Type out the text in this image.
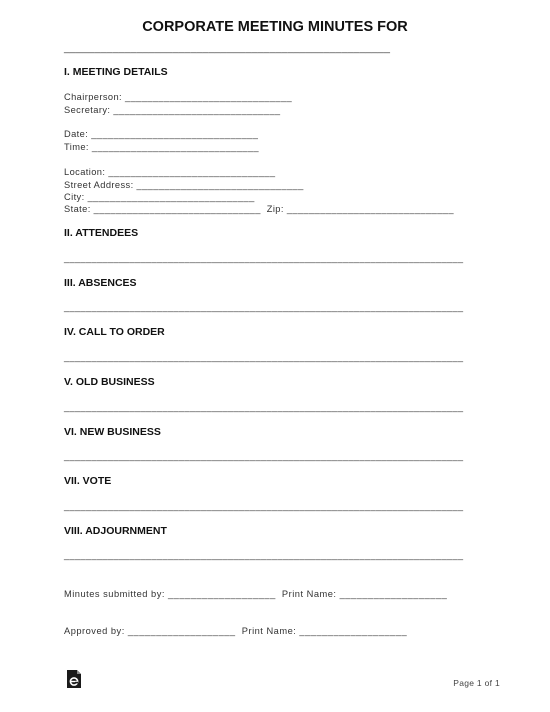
CORPORATE MEETING MINUTES FOR
______________________________________________________
I. MEETING DETAILS
Chairperson: ______________________________
Secretary: ______________________________
Date: ______________________________
Time: ______________________________
Location: ______________________________
Street Address: ______________________________
City: ______________________________
State: ______________________________  Zip: ______________________________
II. ATTENDEES
_________________________________________________________________________
III. ABSENCES
_________________________________________________________________________
IV. CALL TO ORDER
_________________________________________________________________________
V. OLD BUSINESS
_________________________________________________________________________
VI. NEW BUSINESS
_________________________________________________________________________
VII. VOTE
_________________________________________________________________________
VIII. ADJOURNMENT
_________________________________________________________________________
Minutes submitted by: ___________________  Print Name: ___________________
Approved by: ___________________  Print Name: ___________________
Page 1 of 1
